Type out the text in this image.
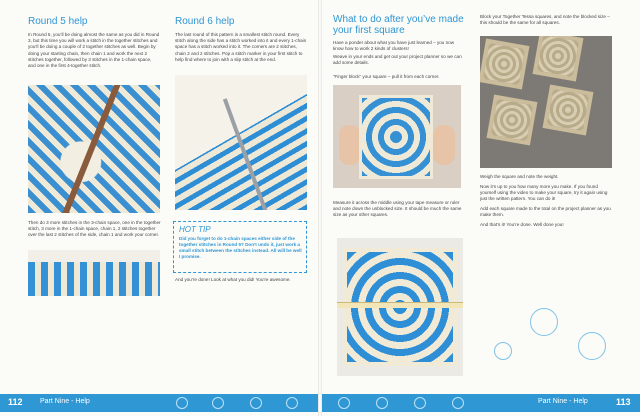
Round 5 help
In Round 5, you’ll be doing almost the same as you did in Round 3, but this time you will work a stitch in the together stitches and you’ll be doing a couple of 2 together stitches as well. Begin by doing your starting chain, then chain 1 and work the next 2 stitches together, followed by 3 stitches in the 1-chain space, and one in the first 4-together stitch.
Then do 3 more stitches in the 3-chain space, one in the together stitch, 3 more in the 1-chain space, chain 1, 2 stitches together over the last 2 stitches of the side, chain 1 and work your corner.
Round 6 help
The last round of this pattern is a smallest stitch round. Every stitch along the side has a stitch worked into it and every 1-chain space has a stitch worked into it. The corners are 2 stitches, chain 2 and 2 stitches. Pop a stitch marker in your first stitch to help find where to join with a slip stitch at the end.
HOT TIP
Did you forget to do 1-chain spaces either side of the together stitches in Round 5? Don’t undo it, just work a small stitch between the stitches instead. All will be well I promise.
And you’re done! Look at what you did! You’re awesome.
What to do after you’ve made your first square
Have a ponder about what you have just learned – you now know how to work 2 kinds of clusters!
Weave in your ends and get out your project planner so we can add some details.
“Finger block” your square – pull it from each corner.
Measure it across the middle using your tape measure or ruler and note down the unblocked size. It should be much the same size as your other squares.
Block your Together Tessa squares, and note the blocked size – this should be the same for all squares.
Weigh the square and note the weight.
Now it’s up to you how many more you make. If you found yourself using the video to make your square, try it again using just the written pattern. You can do it!
Add each square made to the total on the project planner as you make them.
And that’s it! You’re done. Well done you!
112 Part Nine - Help	Part Nine - Help	113
